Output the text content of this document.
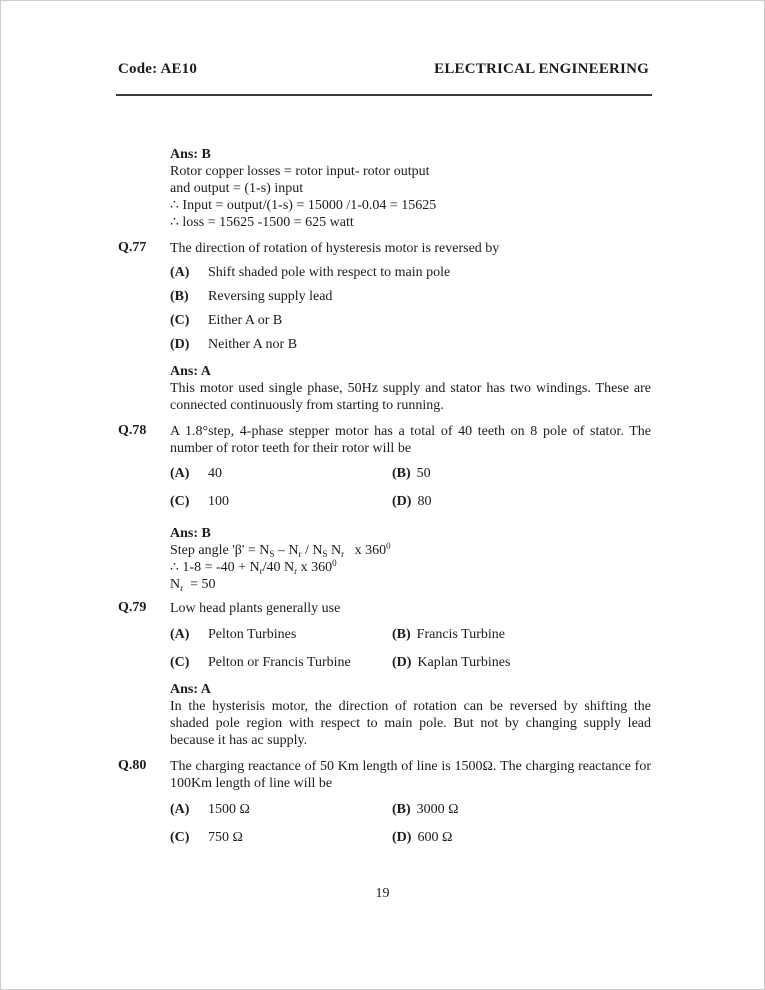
Code: AE10	ELECTRICAL ENGINEERING
Ans: B
Rotor copper losses = rotor input- rotor output
and output = (1-s) input
∴ Input = output/(1-s) = 15000 /1-0.04 = 15625
∴ loss = 15625 -1500 = 625 watt
Q.77	The direction of rotation of hysteresis motor is reversed by
(A) Shift shaded pole with respect to main pole
(B) Reversing supply lead
(C) Either A or B
(D) Neither A nor B
Ans: A
This motor used single phase, 50Hz supply and stator has two windings. These are
connected continuously from starting to running.
Q.78	A 1.8°step, 4-phase stepper motor has a total of 40 teeth on 8 pole of stator. The
number of rotor teeth for their rotor will be
(A) 40	(B) 50
(C) 100	(D) 80
Ans: B
Step angle '$\beta' = N_S - N_r / N_S$ $N_r$   x $360^0$
∴ $1-8 = -40 + N_r/40$ $N_r$ x $360^0$
$N_r = 50$
Q.79	Low head plants generally use
(A) Pelton Turbines	(B) Francis Turbine
(C) Pelton or Francis Turbine	(D) Kaplan Turbines
Ans: A
In the hysterisis motor, the direction of rotation can be reversed by shifting the
shaded pole region with respect to main pole. But not by changing supply lead
because it has ac supply.
Q.80	The charging reactance of 50 Km length of line is 1500Ω. The charging reactance for
100Km length of line will be
(A) 1500 Ω	(B) 3000 Ω
(C) 750 Ω	(D) 600 Ω
19
